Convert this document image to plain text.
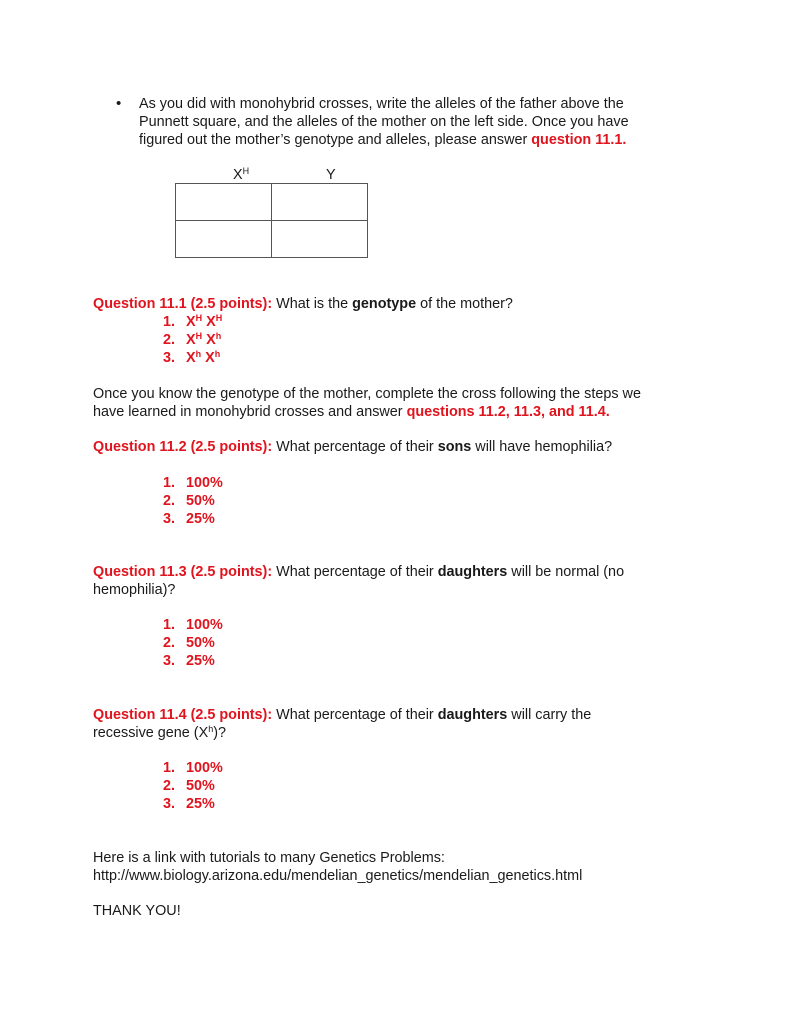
• As you did with monohybrid crosses, write the alleles of the father above the
Punnett square, and the alleles of the mother on the left side. Once you have
figured out the mother’s genotype and alleles, please answer question 11.1.
$X^H$	Y

Question 11.1 (2.5 points): What is the genotype of the mother?
1. $X^H$ $X^H$
2. $X^H$ $X^h$
3. $X^h$ $X^h$
Once you know the genotype of the mother, complete the cross following the steps we
have learned in monohybrid crosses and answer questions 11.2, 11.3, and 11.4.
Question 11.2 (2.5 points): What percentage of their sons will have hemophilia?
1. 100%
2. 50%
3. 25%
Question 11.3 (2.5 points): What percentage of their daughters will be normal (no
hemophilia)?
1. 100%
2. 50%
3. 25%
Question 11.4 (2.5 points): What percentage of their daughters will carry the
recessive gene $(X^h)$?
1. 100%
2. 50%
3. 25%
Here is a link with tutorials to many Genetics Problems:
http://www.biology.arizona.edu/mendelian_genetics/mendelian_genetics.html
THANK YOU!
